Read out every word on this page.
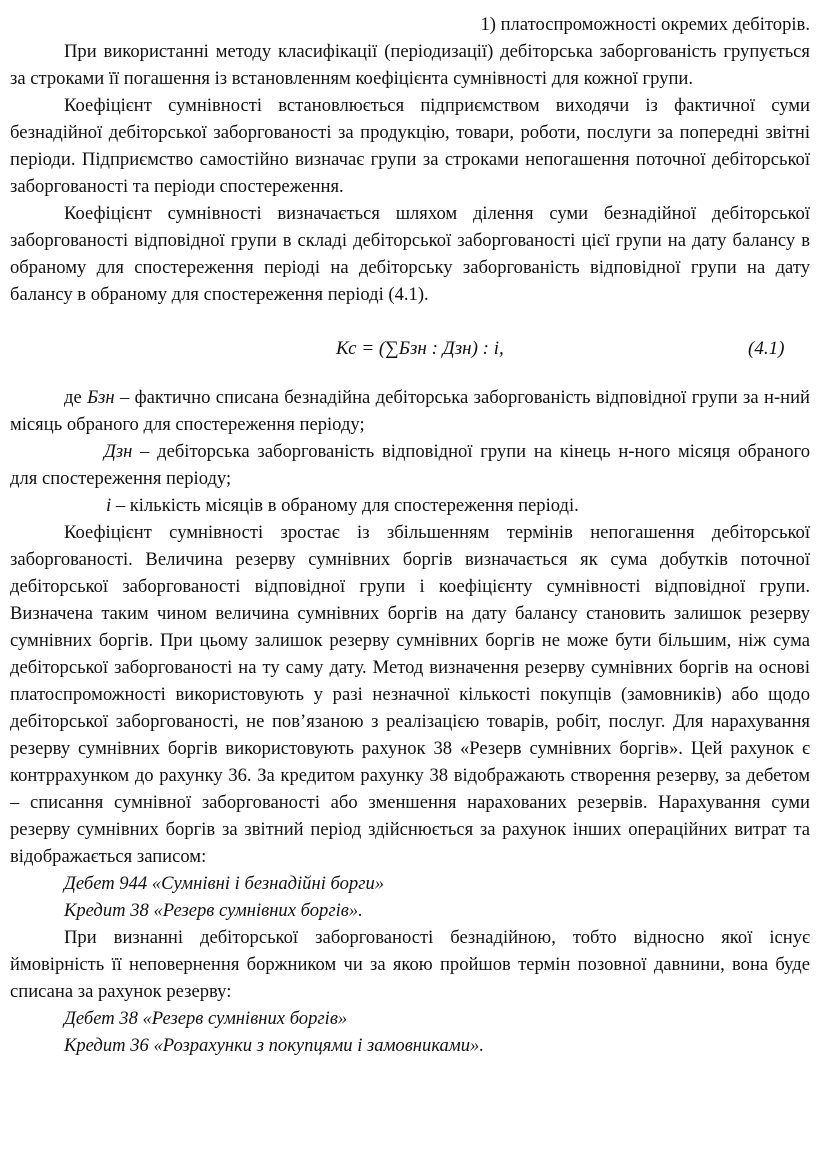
1) платоспроможності окремих дебіторів.

При використанні методу класифікації (періодизації) дебіторська заборгованість групується за строками її погашення із встановленням коефіцієнта сумнівності для кожної групи.

Коефіцієнт сумнівності встановлюється підприємством виходячи із фактичної суми безнадійної дебіторської заборгованості за продукцію, товари, роботи, послуги за попередні звітні періоди. Підприємство самостійно визначає групи за строками непогашення поточної дебіторської заборгованості та періоди спостереження.

Коефіцієнт сумнівності визначається шляхом ділення суми безнадійної дебіторської заборгованості відповідної групи в складі дебіторської заборгованості цієї групи на дату балансу в обраному для спостереження періоді на дебіторську заборгованість відповідної групи на дату балансу в обраному для спостереження періоді (4.1).

Кс = (∑Бзн : Дзн) : і,	(4.1)

де Бзн – фактично списана безнадійна дебіторська заборгованість відповідної групи за н-ний місяць обраного для спостереження періоду;

Дзн – дебіторська заборгованість відповідної групи на кінець н-ного місяця обраного для спостереження періоду;

і – кількість місяців в обраному для спостереження періоді.

Коефіцієнт сумнівності зростає із збільшенням термінів непогашення дебіторської заборгованості. Величина резерву сумнівних боргів визначається як сума добутків поточної дебіторської заборгованості відповідної групи і коефіцієнту сумнівності відповідної групи. Визначена таким чином величина сумнівних боргів на дату балансу становить залишок резерву сумнівних боргів. При цьому залишок резерву сумнівних боргів не може бути більшим, ніж сума дебіторської заборгованості на ту саму дату. Метод визначення резерву сумнівних боргів на основі платоспроможності використовують у разі незначної кількості покупців (замовників) або щодо дебіторської заборгованості, не пов’язаною з реалізацією товарів, робіт, послуг. Для нарахування резерву сумнівних боргів використовують рахунок 38 «Резерв сумнівних боргів». Цей рахунок є контррахунком до рахунку 36. За кредитом рахунку 38 відображають створення резерву, за дебетом – списання сумнівної заборгованості або зменшення нарахованих резервів. Нарахування суми резерву сумнівних боргів за звітний період здійснюється за рахунок інших операційних витрат та відображається записом:

Дебет 944 «Сумнівні і безнадійні борги»

Кредит 38 «Резерв сумнівних боргів».

При визнанні дебіторської заборгованості безнадійною, тобто відносно якої існує ймовірність її неповернення боржником чи за якою пройшов термін позовної давнини, вона буде списана за рахунок резерву:

Дебет 38 «Резерв сумнівних боргів»

Кредит 36 «Розрахунки з покупцями і замовниками».
